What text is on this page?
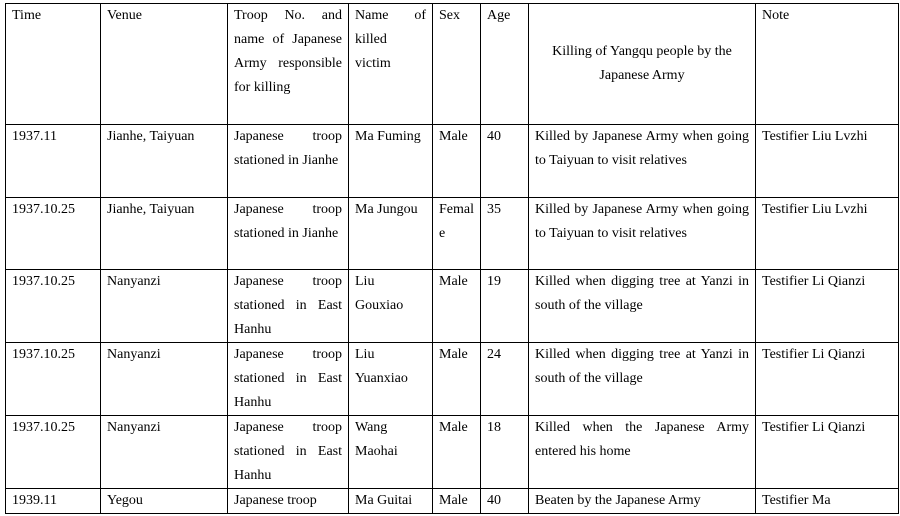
Time	Venue	Troop No. and name of Japanese Army responsible for killing	Name of killed victim	Sex	Age	Killing of Yangqu people by the Japanese Army	Note
1937.11	Jianhe, Taiyuan	Japanese troop stationed in Jianhe	Ma Fuming	Male	40	Killed by Japanese Army when going to Taiyuan to visit relatives	Testifier Liu Lvzhi
1937.10.25	Jianhe, Taiyuan	Japanese troop stationed in Jianhe	Ma Jungou	Female	35	Killed by Japanese Army when going to Taiyuan to visit relatives	Testifier Liu Lvzhi
1937.10.25	Nanyanzi	Japanese troop stationed in East Hanhu	Liu Gouxiao	Male	19	Killed when digging tree at Yanzi in south of the village	Testifier Li Qianzi
1937.10.25	Nanyanzi	Japanese troop stationed in East Hanhu	Liu Yuanxiao	Male	24	Killed when digging tree at Yanzi in south of the village	Testifier Li Qianzi
1937.10.25	Nanyanzi	Japanese troop stationed in East Hanhu	Wang Maohai	Male	18	Killed when the Japanese Army entered his home	Testifier Li Qianzi
1939.11	Yegou	Japanese troop	Ma Guitai	Male	40	Beaten by the Japanese Army	Testifier Ma
